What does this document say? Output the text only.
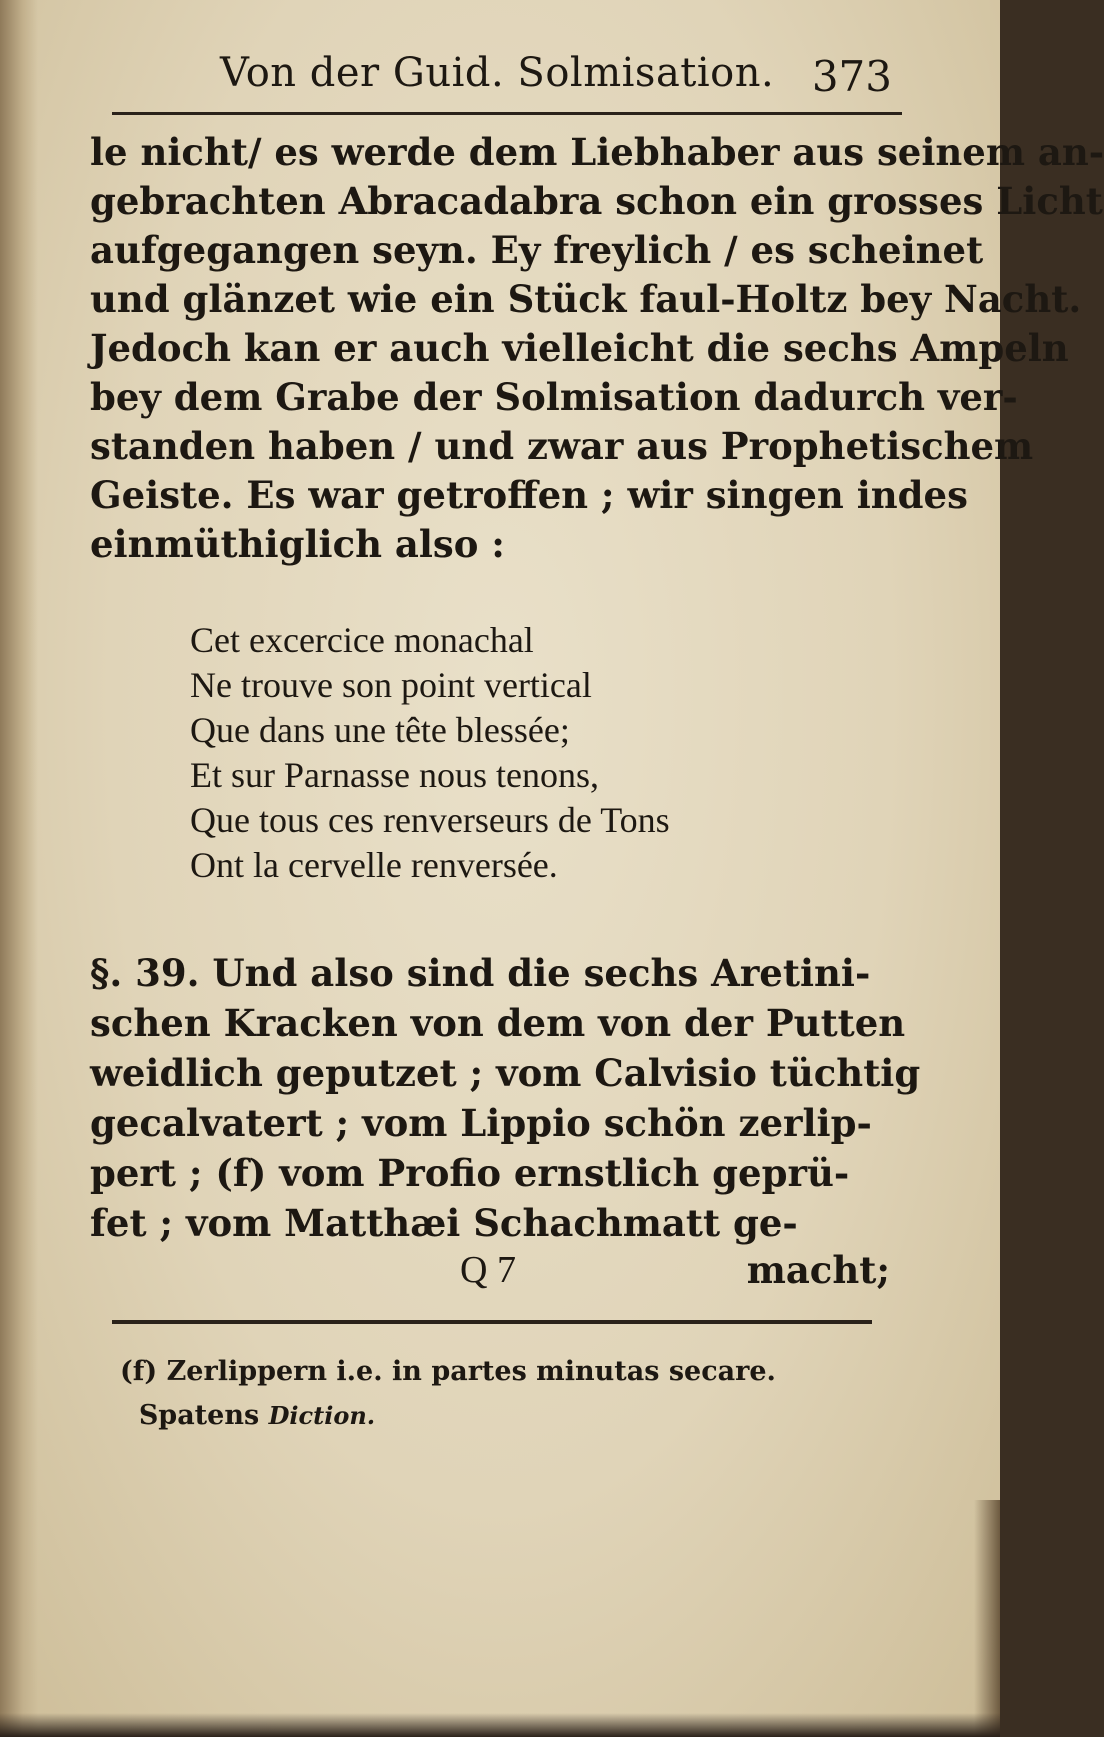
Von der Guid. Solmisation. 373
le nicht/ es werde dem Liebhaber aus seinem an-
gebrachten Abracadabra schon ein grosses Licht
aufgegangen seyn. Ey freylich / es scheinet
und glänzet wie ein Stück faul-Holtz bey Nacht.
Jedoch kan er auch vielleicht die sechs Ampeln
bey dem Grabe der Solmisation dadurch ver-
standen haben / und zwar aus Prophetischem
Geiste. Es war getroffen ; wir singen indes
einmüthiglich also :
Cet excercice monachal
Ne trouve son point vertical
Que dans une tête blessée;
Et sur Parnasse nous tenons,
Que tous ces renverseurs de Tons
Ont la cervelle renversée.
§. 39. Und also sind die sechs Aretini-
schen Kracken von dem von der Putten
weidlich geputzet ; vom Calvisio tüchtig
gecalvatert ; vom Lippio schön zerlip-
pert ; (f) vom Profio ernstlich geprü-
fet ; vom Matthæi Schachmatt ge-
Q 7	macht;
(f) Zerlippern i.e. in partes minutas secare.
Spatens Diction.
